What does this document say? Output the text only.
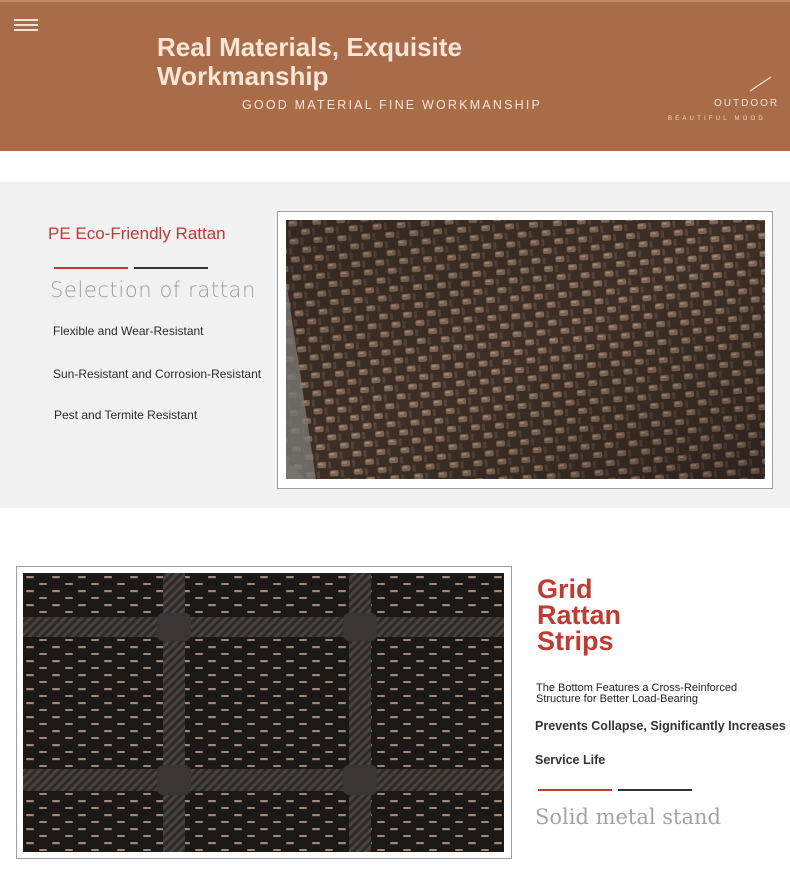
Real Materials, Exquisite Workmanship
GOOD MATERIAL FINE WORKMANSHIP	OUTDOOR
BEAUTIFUL MOOD
PE Eco-Friendly Rattan
Selection of rattan
Flexible and Wear-Resistant
Sun-Resistant and Corrosion-Resistant
Pest and Termite Resistant
Grid Rattan Strips
The Bottom Features a Cross-Reinforced Structure for Better Load-Bearing
Prevents Collapse, Significantly Increases
Service Life
Solid metal stand
